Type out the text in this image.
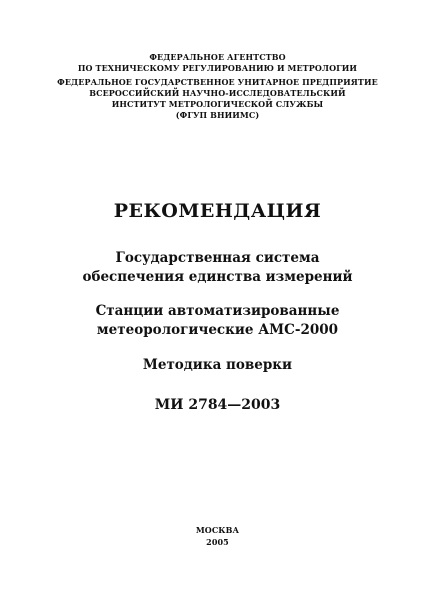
ФЕДЕРАЛЬНОЕ АГЕНТСТВО
ПО ТЕХНИЧЕСКОМУ РЕГУЛИРОВАНИЮ И МЕТРОЛОГИИ
ФЕДЕРАЛЬНОЕ ГОСУДАРСТВЕННОЕ УНИТАРНОЕ ПРЕДПРИЯТИЕ
ВСЕРОССИЙСКИЙ НАУЧНО-ИССЛЕДОВАТЕЛЬСКИЙ
ИНСТИТУТ МЕТРОЛОГИЧЕСКОЙ СЛУЖБЫ
(ФГУП ВНИИМС)
РЕКОМЕНДАЦИЯ
Государственная система
обеспечения единства измерений
Станции автоматизированные
метеорологические АМС-2000
Методика поверки
МИ 2784—2003
МОСКВА
2005
